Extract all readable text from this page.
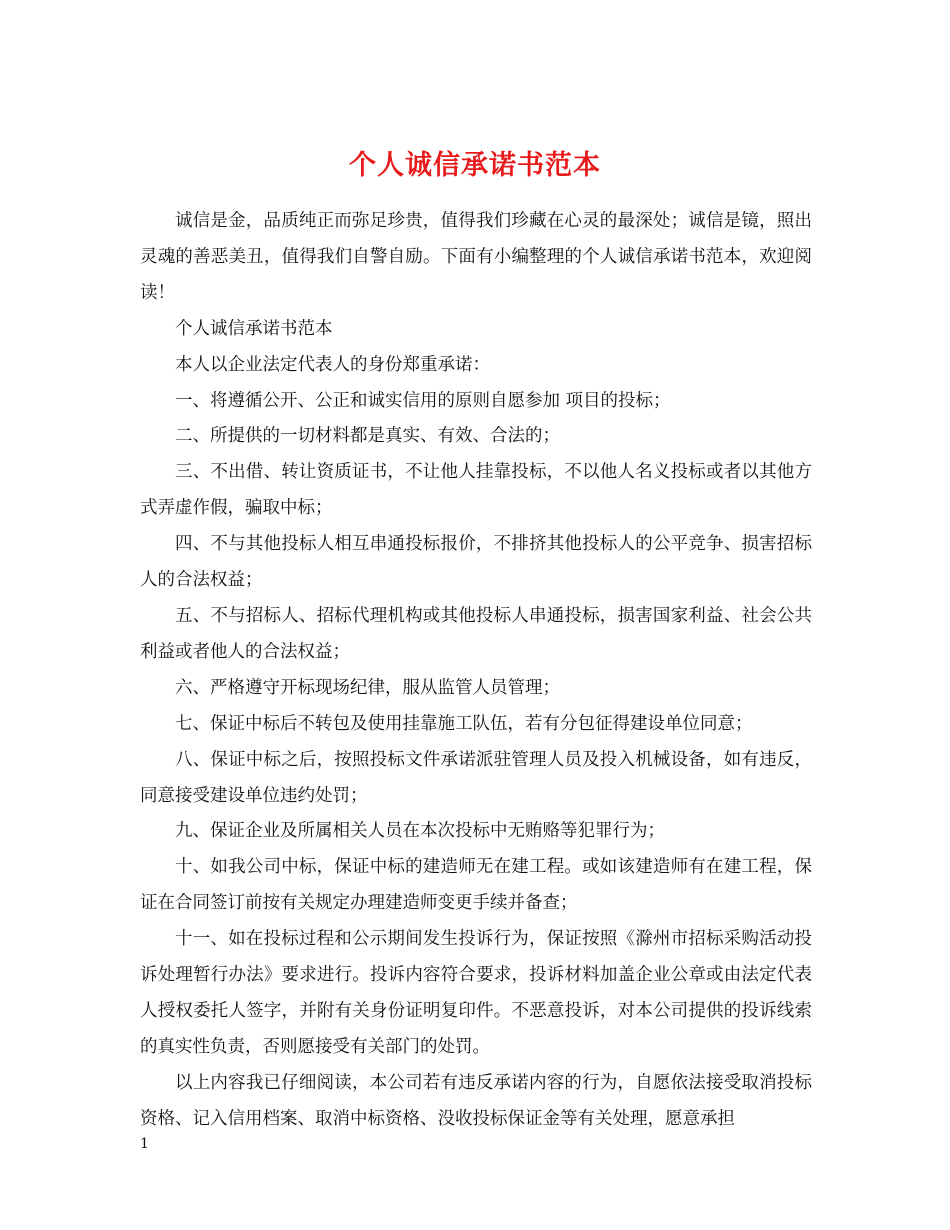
个人诚信承诺书范本

诚信是金，品质纯正而弥足珍贵，值得我们珍藏在心灵的最深处；诚信是镜，照出灵魂的善恶美丑，值得我们自警自励。下面有小编整理的个人诚信承诺书范本，欢迎阅读！

个人诚信承诺书范本

本人以企业法定代表人的身份郑重承诺：

一、将遵循公开、公正和诚实信用的原则自愿参加 项目的投标；

二、所提供的一切材料都是真实、有效、合法的；

三、不出借、转让资质证书，不让他人挂靠投标，不以他人名义投标或者以其他方式弄虚作假，骗取中标；

四、不与其他投标人相互串通投标报价，不排挤其他投标人的公平竞争、损害招标人的合法权益；

五、不与招标人、招标代理机构或其他投标人串通投标，损害国家利益、社会公共利益或者他人的合法权益；

六、严格遵守开标现场纪律，服从监管人员管理；

七、保证中标后不转包及使用挂靠施工队伍，若有分包征得建设单位同意；

八、保证中标之后，按照投标文件承诺派驻管理人员及投入机械设备，如有违反，同意接受建设单位违约处罚；

九、保证企业及所属相关人员在本次投标中无贿赂等犯罪行为；

十、如我公司中标，保证中标的建造师无在建工程。或如该建造师有在建工程，保证在合同签订前按有关规定办理建造师变更手续并备查；

十一、如在投标过程和公示期间发生投诉行为，保证按照《滁州市招标采购活动投诉处理暂行办法》要求进行。投诉内容符合要求，投诉材料加盖企业公章或由法定代表人授权委托人签字，并附有关身份证明复印件。不恶意投诉，对本公司提供的投诉线索的真实性负责，否则愿接受有关部门的处罚。

以上内容我已仔细阅读，本公司若有违反承诺内容的行为，自愿依法接受取消投标资格、记入信用档案、取消中标资格、没收投标保证金等有关处理，愿意承担

1
